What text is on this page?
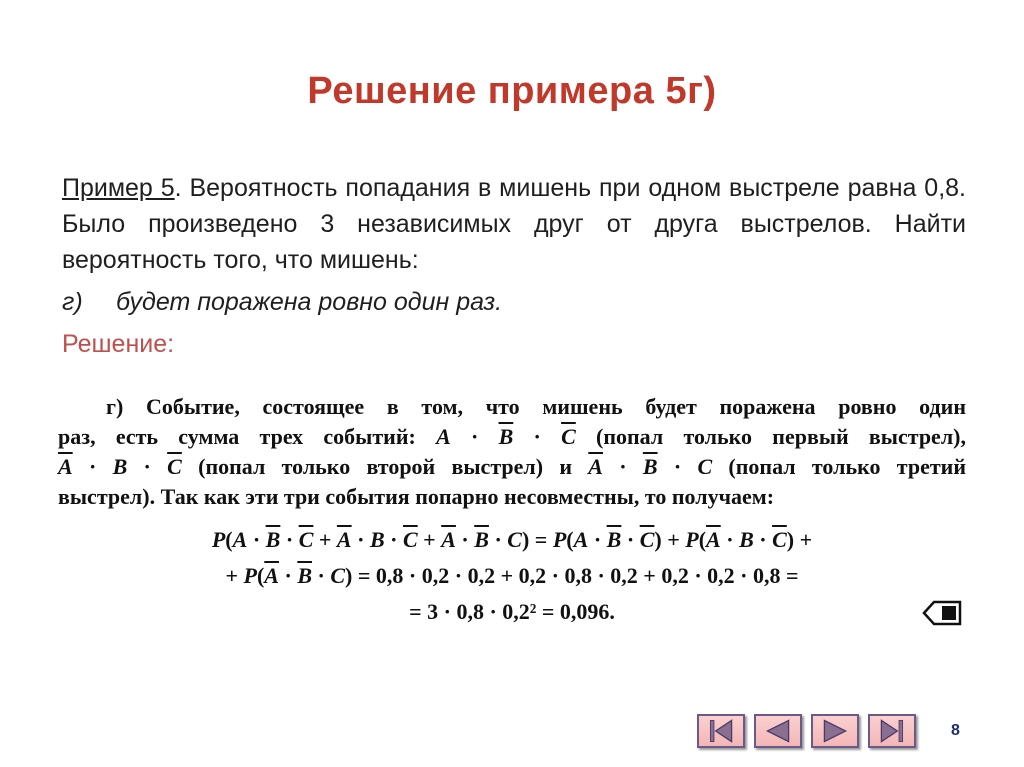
Решение примера 5г)
Пример 5. Вероятность попадания в мишень при одном выстреле равна 0,8. Было произведено 3 независимых друг от друга выстрелов. Найти вероятность того, что мишень:
г) будет поражена ровно один раз.
Решение:
г) Событие, состоящее в том, что мишень будет поражена ровно один
раз, есть сумма трех событий: $A \cdot \overline{B} \cdot \overline{C}$ (попал только первый выстрел),
$\overline{A} \cdot B \cdot \overline{C}$ (попал только второй выстрел) и $\overline{A} \cdot \overline{B} \cdot C$ (попал только третий
выстрел). Так как эти три события попарно несовместны, то получаем:
$P(A \cdot \overline{B} \cdot \overline{C} + \overline{A} \cdot B \cdot \overline{C} + \overline{A} \cdot \overline{B} \cdot C) = P(A \cdot \overline{B} \cdot \overline{C}) + P(\overline{A} \cdot B \cdot \overline{C})$ +
+ $P(\overline{A} \cdot \overline{B} \cdot C) = 0,8 \cdot 0,2 \cdot 0,2 + 0,2 \cdot 0,8 \cdot 0,2 + 0,2 \cdot 0,2 \cdot 0,8$ =
= 3 · 0,8 · 0,2² = 0,096.
8
